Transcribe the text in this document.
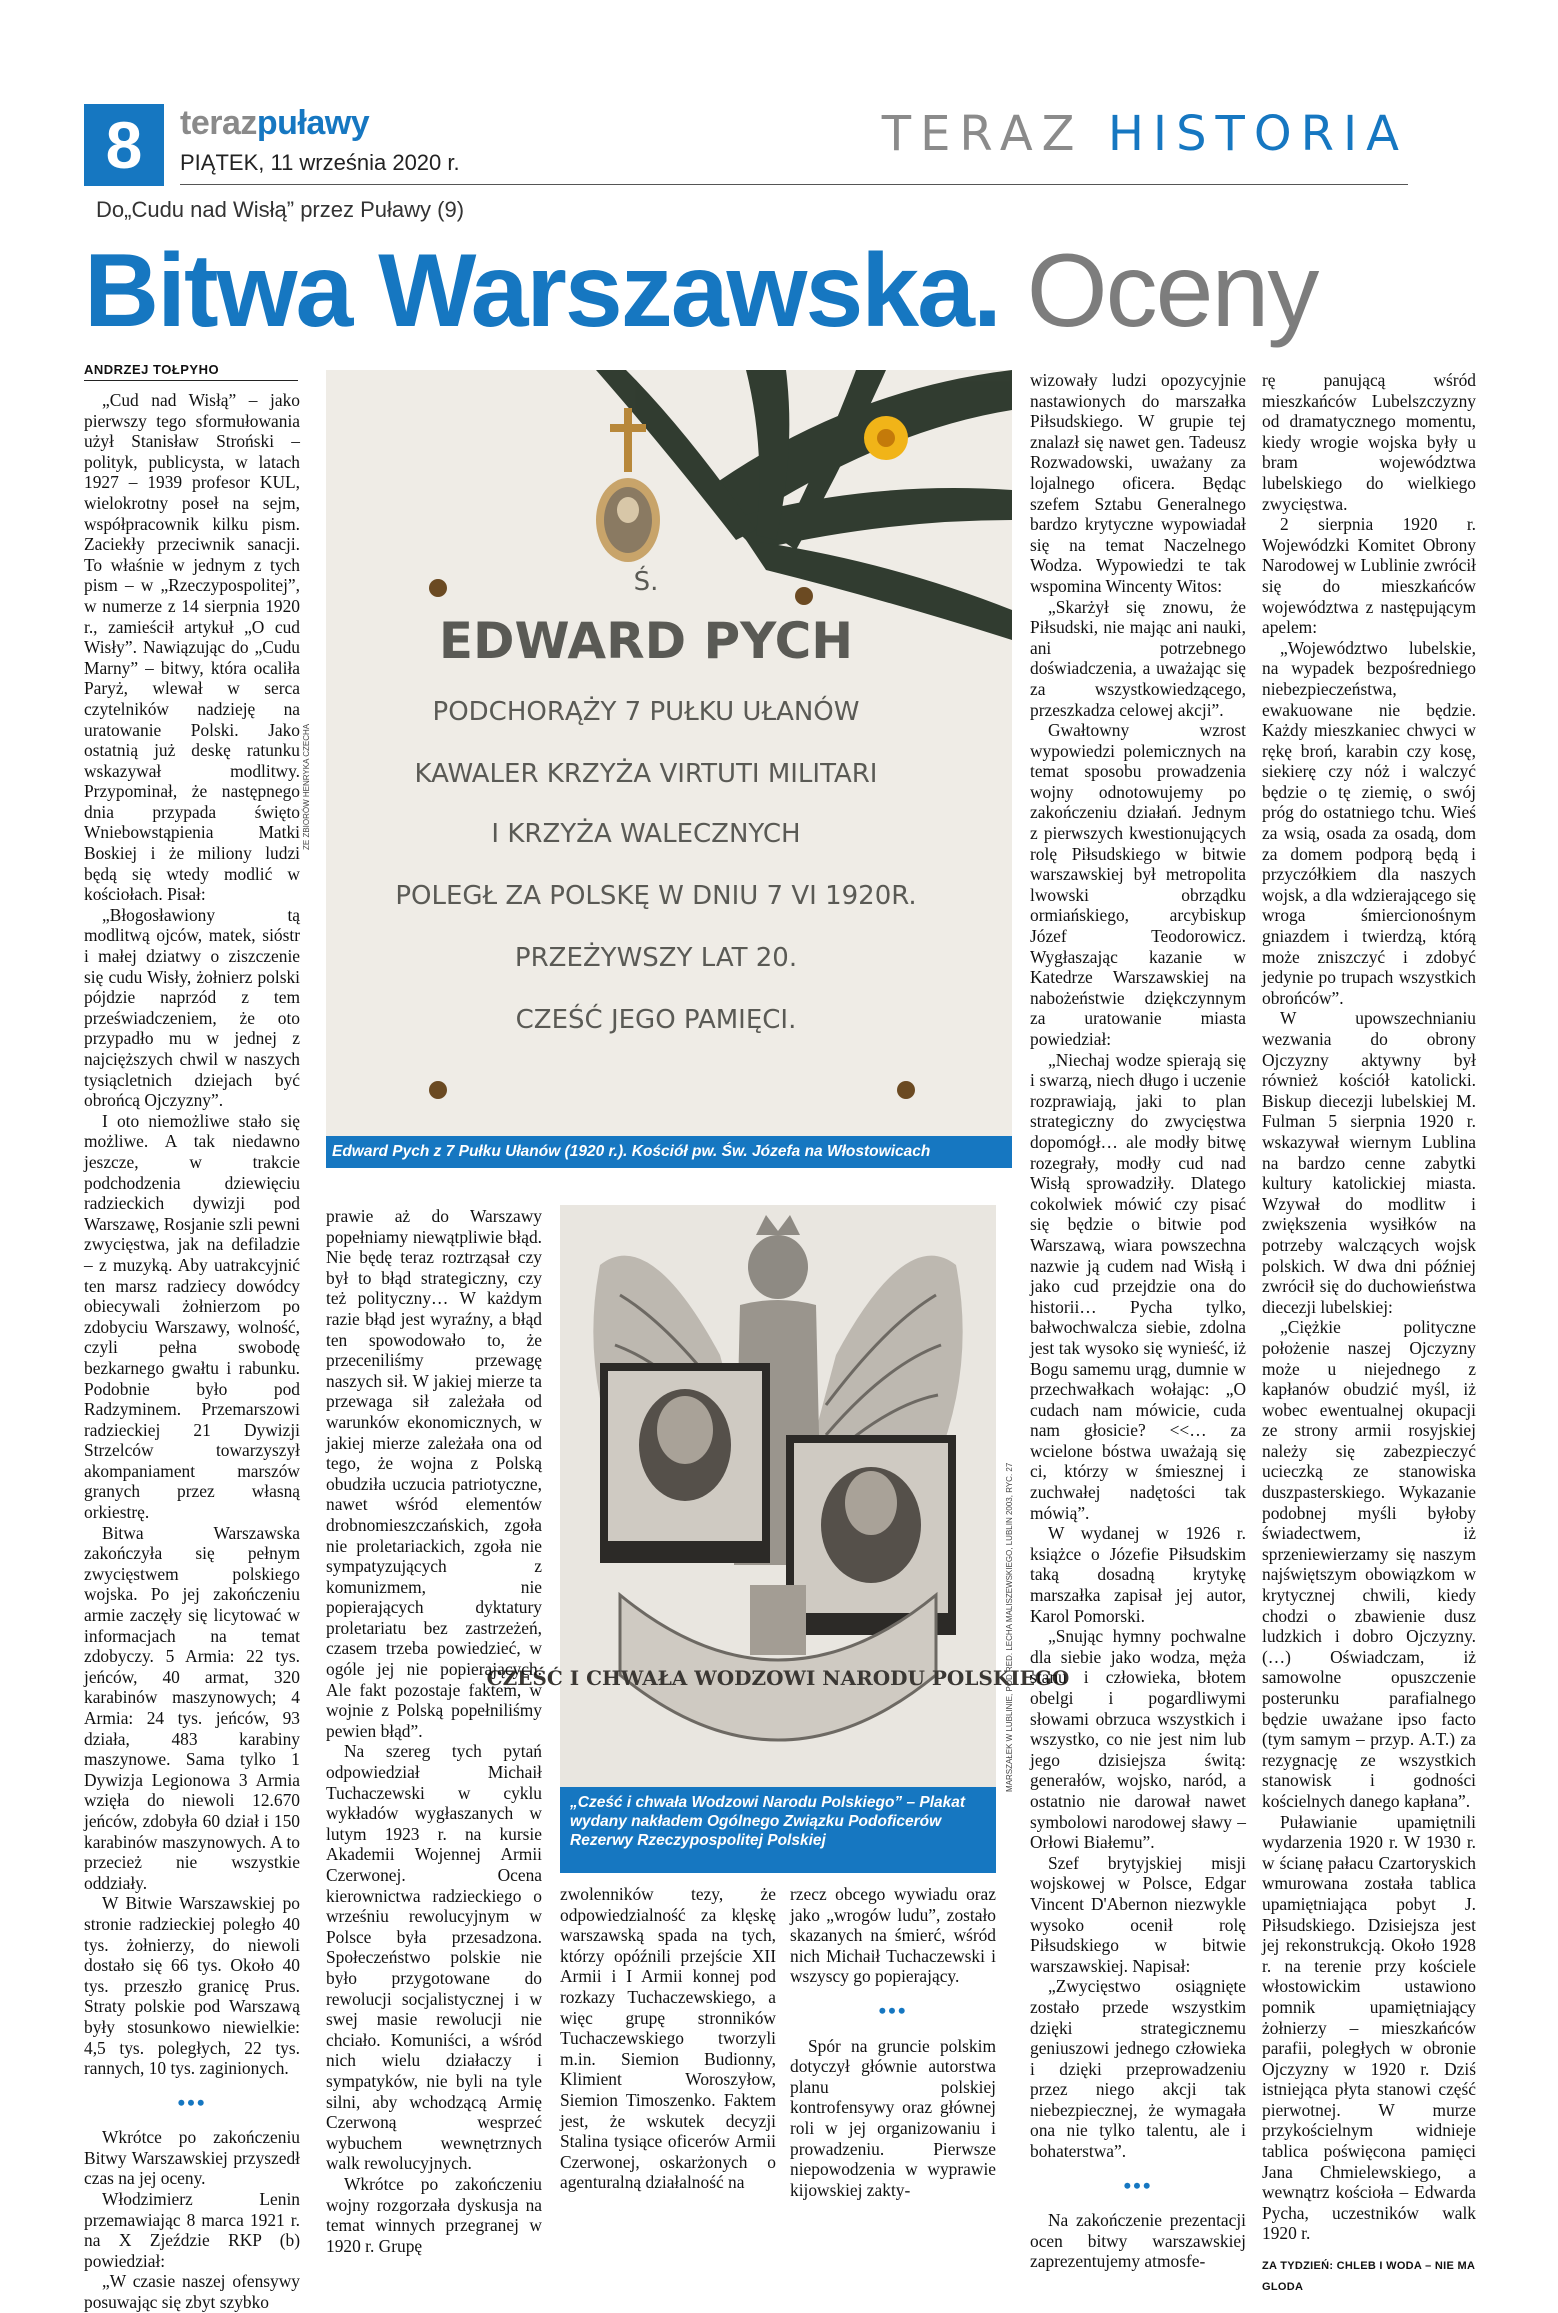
8	terazpuławy
PIĄTEK, 11 września 2020 r.
TERAZ HISTORIA
Do„Cudu nad Wisłą” przez Puławy (9)
Bitwa Warszawska. Oceny
ANDRZEJ TOŁPYHO
Ś.
EDWARD PYCH
PODCHORĄŻY 7 PUŁKU UŁANÓW
KAWALER KRZYŻA VIRTUTI MILITARI
I KRZYŻA WALECZNYCH
POLEGŁ ZA POLSKĘ W DNIU 7 VI 1920R.
PRZEŻYWSZY LAT 20.
CZEŚĆ JEGO PAMIĘCI.
ZE ZBIORÓW HENRYKA CZECHA
Edward Pych z 7 Pułku Ułanów (1920 r.). Kościół pw. Św. Józefa na Włostowicach
CZEŚĆ I CHWAŁA WODZOWI NARODU POLSKIEGO
MARSZAŁEK W LUBLINIE, POD RED. LECHA MALISZEWSKIEGO, LUBLIN 2003, RYC. 27
„Cześć i chwała Wodzowi Narodu Polskiego” – Plakat wydany nakładem Ogólnego Związku Podoficerów Rezerwy Rzeczypospolitej Polskiej

„Cud nad Wisłą” – jako pierwszy tego sformułowania użył Stanisław Stroński – polityk, publicysta, w latach 1927 – 1939 profesor KUL, wielokrotny poseł na sejm, współpracownik kilku pism. Zaciekły przeciwnik sanacji. To właśnie w jednym z tych pism – w „Rzeczypospolitej”, w numerze z 14 sierpnia 1920 r., zamieścił artykuł „O cud Wisły”. Nawiązując do „Cudu Marny” – bitwy, która ocaliła Paryż, wlewał w serca czytelników nadzieję na uratowanie Polski. Jako ostatnią już deskę ratunku wskazywał modlitwy. Przypominał, że następnego dnia przypada święto Wniebowstąpienia Matki Boskiej i że miliony ludzi będą się wtedy modlić w kościołach. Pisał:

„Błogosławiony tą modlitwą ojców, matek, sióstr i małej dziatwy o ziszczenie się cudu Wisły, żołnierz polski pójdzie naprzód z tem przeświadczeniem, że oto przypadło mu w jednej z najcięższych chwil w naszych tysiącletnich dziejach być obrońcą Ojczyzny”.

I oto niemożliwe stało się możliwe. A tak niedawno jeszcze, w trakcie podchodzenia dziewięciu radzieckich dywizji pod Warszawę, Rosjanie szli pewni zwycięstwa, jak na defiladzie – z muzyką. Aby uatrakcyjnić ten marsz radziecy dowódcy obiecywali żołnierzom po zdobyciu Warszawy, wolność, czyli pełna swobodę bezkarnego gwałtu i rabunku. Podobnie było pod Radzyminem. Przemarszowi radzieckiej 21 Dywizji Strzelców towarzyszył akompaniament marszów granych przez własną orkiestrę.

Bitwa Warszawska zakończyła się pełnym zwycięstwem polskiego wojska. Po jej zakończeniu armie zaczęły się licytować w informacjach na temat zdobyczy. 5 Armia: 22 tys. jeńców, 40 armat, 320 karabinów maszynowych; 4 Armia: 24 tys. jeńców, 93 działa, 483 karabiny maszynowe. Sama tylko 1 Dywizja Legionowa 3 Armia wzięła do niewoli 12.670 jeńców, zdobyła 60 dział i 150 karabinów maszynowych. A to przecież nie wszystkie oddziały.

W Bitwie Warszawskiej po stronie radzieckiej poległo 40 tys. żołnierzy, do niewoli dostało się 66 tys. Około 40 tys. przeszło granicę Prus. Straty polskie pod Warszawą były stosunkowo niewielkie: 4,5 tys. poległych, 22 tys. rannych, 10 tys. zaginionych.

•••

Wkrótce po zakończeniu Bitwy Warszawskiej przyszedł czas na jej oceny.

Włodzimierz Lenin przemawiając 8 marca 1921 r. na X Zjeździe RKP (b) powiedział:

„W czasie naszej ofensywy posuwając się zbyt szybko

prawie aż do Warszawy popełniamy niewątpliwie błąd. Nie będę teraz roztrząsał czy był to błąd strategiczny, czy też polityczny… W każdym razie błąd jest wyraźny, a błąd ten spowodowało to, że przeceniliśmy przewagę naszych sił. W jakiej mierze ta przewaga sił zależała od warunków ekonomicznych, w jakiej mierze zależała ona od tego, że wojna z Polską obudziła uczucia patriotyczne, nawet wśród elementów drobnomieszczańskich, zgoła nie proletariackich, zgoła nie sympatyzujących z komunizmem, nie popierających dyktatury proletariatu bez zastrzeżeń, czasem trzeba powiedzieć, w ogóle jej nie popierających. Ale fakt pozostaje faktem, w wojnie z Polską popełniliśmy pewien błąd”.

Na szereg tych pytań odpowiedział Michaił Tuchaczewski w cyklu wykładów wygłaszanych w lutym 1923 r. na kursie Akademii Wojennej Armii Czerwonej. Ocena kierownictwa radzieckiego o wrześniu rewolucyjnym w Polsce była przesadzona. Społeczeństwo polskie nie było przygotowane do rewolucji socjalistycznej i w swej masie rewolucji nie chciało. Komuniści, a wśród nich wielu działaczy i sympatyków, nie byli na tyle silni, aby wchodzącą Armię Czerwoną wesprzeć wybuchem wewnętrznych walk rewolucyjnych.

Wkrótce po zakończeniu wojny rozgorzała dyskusja na temat winnych przegranej w 1920 r. Grupę

zwolenników tezy, że odpowiedzialność za klęskę warszawską spada na tych, którzy opóźnili przejście XII Armii i I Armii konnej pod rozkazy Tuchaczewskiego, a więc grupę stronników Tuchaczewskiego tworzyli m.in. Siemion Budionny, Klimient Woroszyłow, Siemion Timoszenko. Faktem jest, że wskutek decyzji Stalina tysiące oficerów Armii Czerwonej, oskarżonych o agenturalną działalność na

rzecz obcego wywiadu oraz jako „wrogów ludu”, zostało skazanych na śmierć, wśród nich Michaił Tuchaczewski i wszyscy go popierający.

•••

Spór na gruncie polskim dotyczył głównie autorstwa planu polskiej kontrofensywy oraz głównej roli w jej organizowaniu i prowadzeniu. Pierwsze niepowodzenia w wyprawie kijowskiej zakty-

wizowały ludzi opozycyjnie nastawionych do marszałka Piłsudskiego. W grupie tej znalazł się nawet gen. Tadeusz Rozwadowski, uważany za lojalnego oficera. Będąc szefem Sztabu Generalnego bardzo krytyczne wypowiadał się na temat Naczelnego Wodza. Wypowiedzi te tak wspomina Wincenty Witos:

„Skarżył się znowu, że Piłsudski, nie mając ani nauki, ani potrzebnego doświadczenia, a uważając się za wszystkowiedzącego, przeszkadza celowej akcji”.

Gwałtowny wzrost wypowiedzi polemicznych na temat sposobu prowadzenia wojny odnotowujemy po zakończeniu działań. Jednym z pierwszych kwestionujących rolę Piłsudskiego w bitwie warszawskiej był metropolita lwowski obrządku ormiańskiego, arcybiskup Józef Teodorowicz. Wygłaszając kazanie w Katedrze Warszawskiej na nabożeństwie dziękczynnym za uratowanie miasta powiedział:

„Niechaj wodze spierają się i swarzą, niech długo i uczenie rozprawiają, jaki to plan strategiczny do zwycięstwa dopomógł… ale modły bitwę rozegrały, modły cud nad Wisłą sprowadziły. Dlatego cokolwiek mówić czy pisać się będzie o bitwie pod Warszawą, wiara powszechna nazwie ją cudem nad Wisłą i jako cud przejdzie ona do historii… Pycha tylko, bałwochwalcza siebie, zdolna jest tak wysoko się wynieść, iż Bogu samemu urąg, dumnie w przechwałkach wołając: „O cudach nam mówicie, cuda nam głosicie? <<… za wcielone bóstwa uważają się ci, którzy w śmiesznej i zuchwałej nadętości tak mówią”.

W wydanej w 1926 r. książce o Józefie Piłsudskim taką dosadną krytykę marszałka zapisał jej autor, Karol Pomorski.

„Snując hymny pochwalne dla siebie jako wodza, męża stanu i człowieka, błotem obelgi i pogardliwymi słowami obrzuca wszystkich i wszystko, co nie jest nim lub jego dzisiejsza świtą: generałów, wojsko, naród, a ostatnio nie darował nawet symbolowi narodowej sławy – Orłowi Białemu”.

Szef brytyjskiej misji wojskowej w Polsce, Edgar Vincent D'Abernon niezwykle wysoko ocenił rolę Piłsudskiego w bitwie warszawskiej. Napisał:

„Zwycięstwo osiągnięte zostało przede wszystkim dzięki strategicznemu geniuszowi jednego człowieka i dzięki przeprowadzeniu przez niego akcji tak niebezpiecznej, że wymagała ona nie tylko talentu, ale i bohaterstwa”.

•••

Na zakończenie prezentacji ocen bitwy warszawskiej zaprezentujemy atmosfe-

rę panującą wśród mieszkańców Lubelszczyzny od dramatycznego momentu, kiedy wrogie wojska były u bram województwa lubelskiego do wielkiego zwycięstwa.

2 sierpnia 1920 r. Wojewódzki Komitet Obrony Narodowej w Lublinie zwrócił się do mieszkańców województwa z następującym apelem:

„Województwo lubelskie, na wypadek bezpośredniego niebezpieczeństwa, ewakuowane nie będzie. Każdy mieszkaniec chwyci w rękę broń, karabin czy kosę, siekierę czy nóż i walczyć będzie o tę ziemię, o swój próg do ostatniego tchu. Wieś za wsią, osada za osadą, dom za domem podporą będą i przyczółkiem dla naszych wojsk, a dla wdzierającego się wroga śmiercionośnym gniazdem i twierdzą, którą może zniszczyć i zdobyć jedynie po trupach wszystkich obrońców”.

W upowszechnianiu wezwania do obrony Ojczyzny aktywny był również kościół katolicki. Biskup diecezji lubelskiej M. Fulman 5 sierpnia 1920 r. wskazywał wiernym Lublina na bardzo cenne zabytki kultury katolickiej miasta. Wzywał do modlitw i zwiększenia wysiłków na potrzeby walczących wojsk polskich. W dwa dni później zwrócił się do duchowieństwa diecezji lubelskiej:

„Ciężkie polityczne położenie naszej Ojczyzny może u niejednego z kapłanów obudzić myśl, iż wobec ewentualnej okupacji ze strony armii rosyjskiej należy się zabezpieczyć ucieczką ze stanowiska duszpasterskiego. Wykazanie podobnej myśli byłoby świadectwem, iż sprzeniewierzamy się naszym najświętszym obowiązkom w krytycznej chwili, kiedy chodzi o zbawienie dusz ludzkich i dobro Ojczyzny. (…) Oświadczam, iż samowolne opuszczenie posterunku parafialnego będzie uważane ipso facto (tym samym – przyp. A.T.) za rezygnację ze wszystkich stanowisk i godności kościelnych danego kapłana”.

Puławianie upamiętnili wydarzenia 1920 r. W 1930 r. w ścianę pałacu Czartoryskich wmurowana została tablica upamiętniająca pobyt J. Piłsudskiego. Dzisiejsza jest jej rekonstrukcją. Około 1928 r. na terenie przy kościele włostowickim ustawiono pomnik upamiętniający żołnierzy – mieszkańców parafii, poległych w obronie Ojczyzny w 1920 r. Dziś istniejąca płyta stanowi część pierwotnej. W murze przykościelnym widnieje tablica poświęcona pamięci Jana Chmielewskiego, a wewnątrz kościoła – Edwarda Pycha, uczestników walk 1920 r.

ZA TYDZIEŃ: CHLEB I WODA – NIE MA GLODA
